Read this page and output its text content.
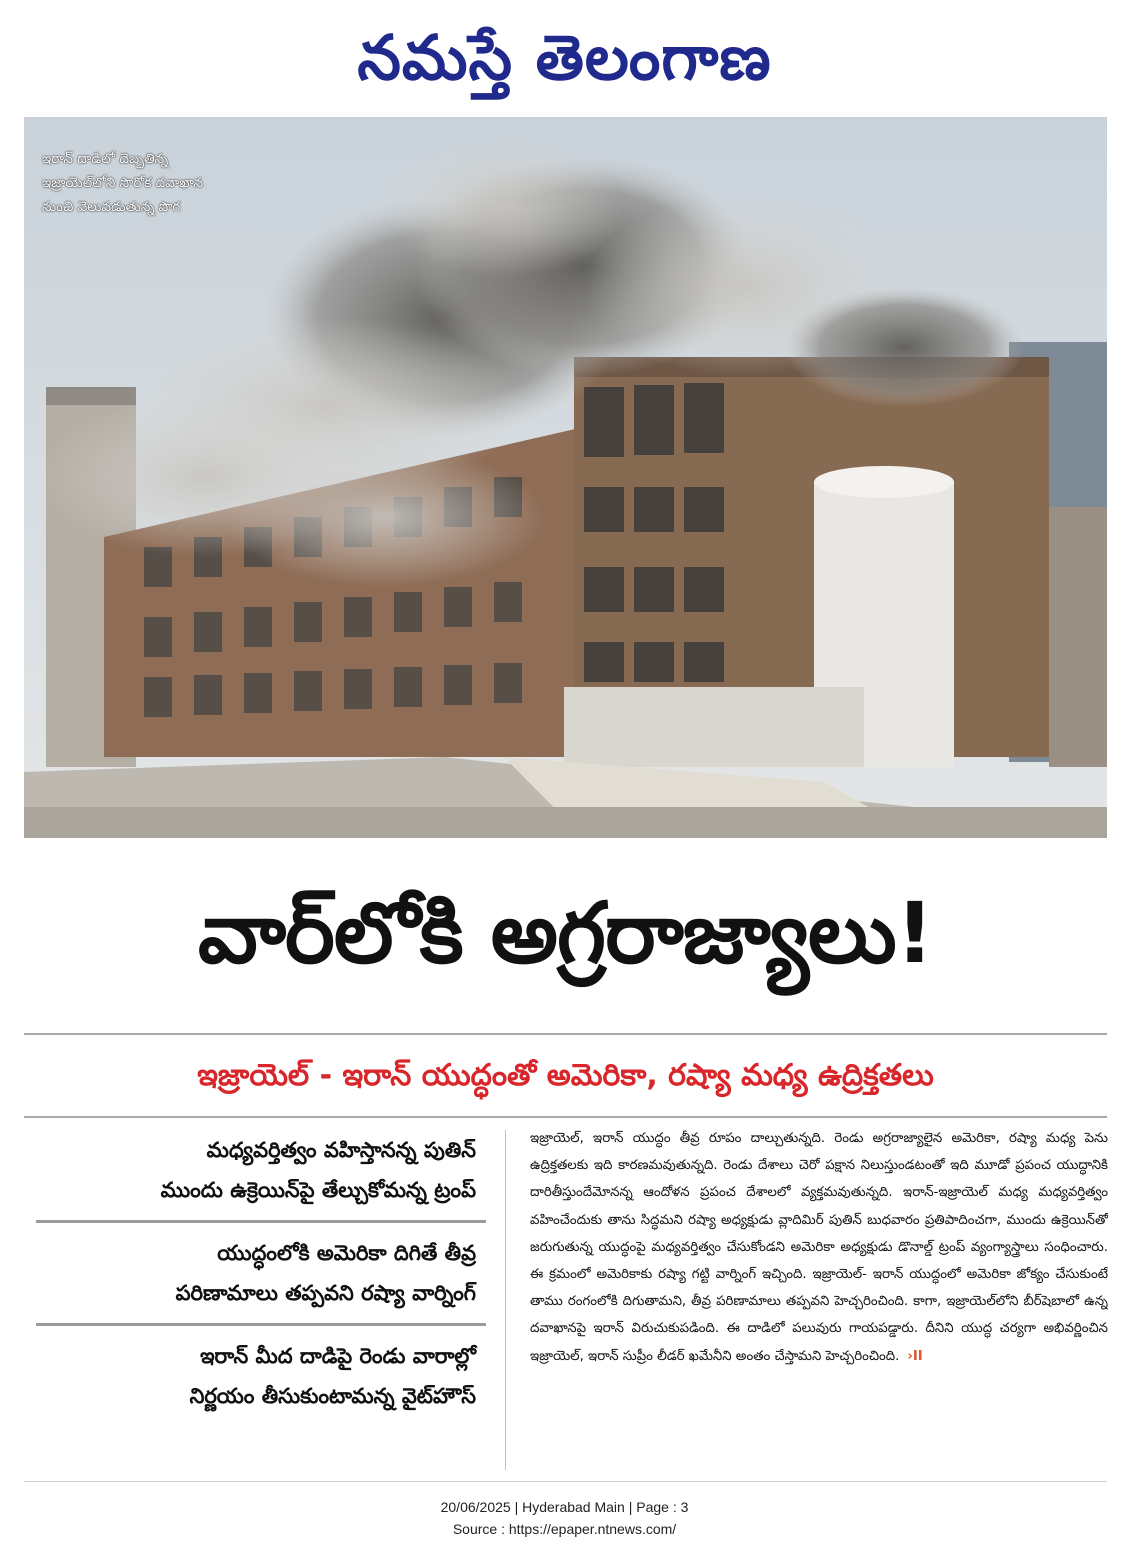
నమస్తే తెలంగాణ
ఇరాన్ దాడిలో దెబ్బతిన్న
ఇజ్రాయెల్‌లోని సొరోక దవాఖాన
నుంచి వెలువడుతున్న పొగ
వార్‌లోకి అగ్రరాజ్యాలు!
ఇజ్రాయెల్ - ఇరాన్ యుద్ధంతో అమెరికా, రష్యా మధ్య ఉద్రిక్తతలు
మధ్యవర్తిత్వం వహిస్తానన్న పుతిన్
ముందు ఉక్రెయిన్‌పై తేల్చుకోమన్న ట్రంప్
యుద్ధంలోకి అమెరికా దిగితే తీవ్ర
పరిణామాలు తప్పవని రష్యా వార్నింగ్
ఇరాన్ మీద దాడిపై రెండు వారాల్లో
నిర్ణయం తీసుకుంటామన్న వైట్‌హౌస్
ఇజ్రాయెల్, ఇరాన్ యుద్ధం తీవ్ర రూపం దాల్చుతున్నది. రెండు అగ్రరాజ్యాలైన అమెరికా, రష్యా మధ్య పెను ఉద్రిక్తతలకు ఇది కారణమవుతున్నది. రెండు దేశాలు చెరో పక్షాన నిలుస్తుండటంతో ఇది మూడో ప్రపంచ యుద్ధానికి దారితీస్తుందేమోనన్న ఆందోళన ప్రపంచ దేశాలలో వ్యక్తమవుతున్నది. ఇరాన్-ఇజ్రాయెల్ మధ్య మధ్యవర్తిత్వం వహించేందుకు తాను సిద్ధమని రష్యా అధ్యక్షుడు వ్లాదిమిర్ పుతిన్ బుధవారం ప్రతిపాదించగా, ముందు ఉక్రెయిన్‌తో జరుగుతున్న యుద్ధంపై మధ్యవర్తిత్వం చేసుకోండని అమెరికా అధ్యక్షుడు డొనాల్డ్ ట్రంప్ వ్యంగ్యాస్త్రాలు సంధించారు. ఈ క్రమంలో అమెరికాకు రష్యా గట్టి వార్నింగ్ ఇచ్చింది. ఇజ్రాయెల్- ఇరాన్ యుద్ధంలో అమెరికా జోక్యం చేసుకుంటే తాము రంగంలోకి దిగుతామని, తీవ్ర పరిణామాలు తప్పవని హెచ్చరించింది. కాగా, ఇజ్రాయెల్‌లోని బీర్‌షెబాలో ఉన్న దవాఖానపై ఇరాన్ విరుచుకుపడింది. ఈ దాడిలో పలువురు గాయపడ్డారు. దీనిని యుద్ధ చర్యగా అభివర్ణించిన ఇజ్రాయెల్, ఇరాన్ సుప్రీం లీడర్ ఖమేనీని అంతం చేస్తామని హెచ్చరించింది. ›II
20/06/2025 | Hyderabad Main | Page : 3
Source : https://epaper.ntnews.com/
